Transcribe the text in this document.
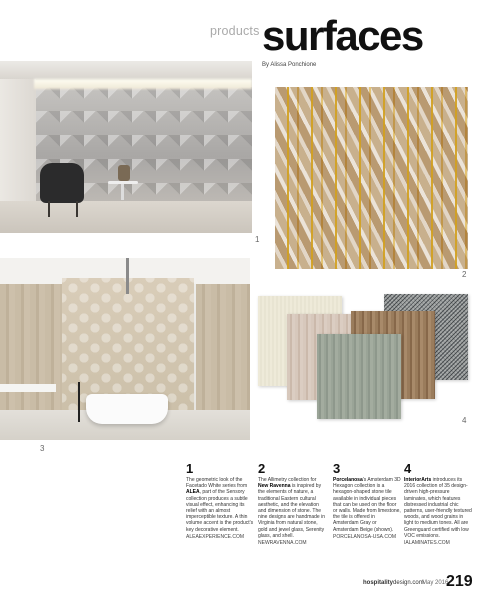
products surfaces
By Alissa Ponchione
1
2
3
4
1
The geometric look of the Facetado White series from ALEA, part of the Sensory collection produces a subtle visual effect, enhancing its relief with an almost imperceptible texture. A thin volume accent is the product's key decorative element.
ALEAEXPERIENCE.COM
2
The Allimetry collection for New Ravenna is inspired by the elements of nature, a traditional Eastern cultural aesthetic, and the elevation and dimension of stone. The nine designs are handmade in Virginia from natural stone, gold and jewel glass, Serenity glass, and shell.
NEWRAVENNA.COM
3
Porcelanosa's Amsterdam 3D Hexagon collection is a hexagon-shaped stone tile available in individual pieces that can be used on the floor or walls. Made from limestone, the tile is offered in Amsterdam Gray or Amsterdam Beige (shown).
PORCELANOSA-USA.COM
4
InteriorArts introduces its 2016 collection of 35 design-driven high-pressure laminates, which features distressed industrial chic patterns, user-friendly textured woods, and wood grains in light to medium tones. All are Greenguard certified with low VOC emissions.
IALAMINATES.COM
hospitalitydesign.com
May 2016
219
